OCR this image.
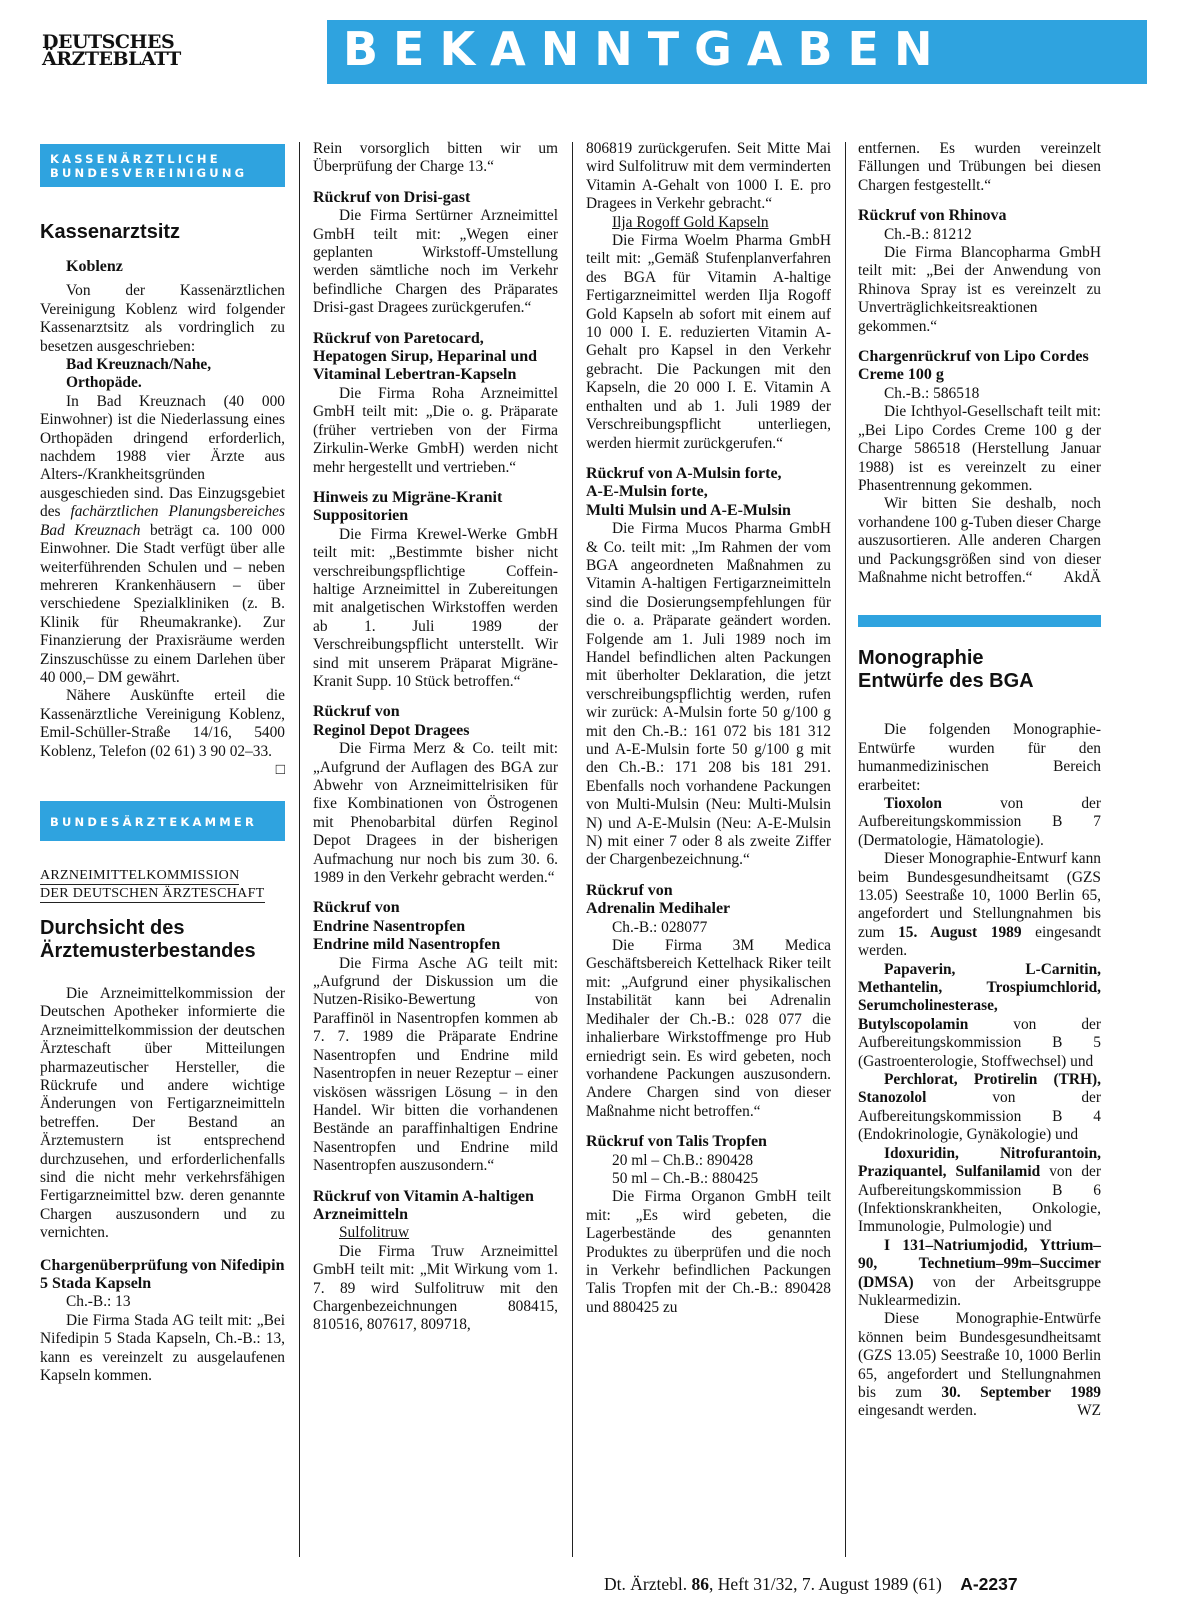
DEUTSCHES
ÄRZTEBLATT	BEKANNTGABEN
KASSENÄRZTLICHE
BUNDESVEREINIGUNG

Kassenarztsitz

Koblenz

Von der Kassenärztlichen Vereinigung Koblenz wird folgender Kassenarztsitz als vordringlich zu besetzen ausgeschrieben:

Bad Kreuznach/Nahe,

Orthopäde.

In Bad Kreuznach (40 000 Einwohner) ist die Niederlassung eines Orthopäden dringend erforderlich, nachdem 1988 vier Ärzte aus Alters-/Krankheitsgründen ausgeschieden sind. Das Einzugsgebiet des fachärztlichen Planungsbereiches Bad Kreuznach beträgt ca. 100 000 Einwohner. Die Stadt verfügt über alle weiterführenden Schulen und – neben mehreren Krankenhäusern – über verschiedene Spezialkliniken (z. B. Klinik für Rheumakranke). Zur Finanzierung der Praxisräume werden Zinszuschüsse zu einem Darlehen über 40 000,– DM gewährt.

Nähere Auskünfte erteil die Kassenärztliche Vereinigung Koblenz, Emil-Schüller-Straße 14/16, 5400 Koblenz, Telefon (02 61) 3 90 02–33.
□

BUNDESÄRZTEKAMMER
ARZNEIMITTELKOMMISSION DER DEUTSCHEN ÄRZTESCHAFT

Durchsicht des Ärztemusterbestandes

Die Arzneimittelkommission der Deutschen Apotheker informierte die Arzneimittelkommission der deutschen Ärzteschaft über Mitteilungen pharmazeutischer Hersteller, die Rückrufe und andere wichtige Änderungen von Fertigarzneimitteln betreffen. Der Bestand an Ärztemustern ist entsprechend durchzusehen, und erforderlichenfalls sind die nicht mehr verkehrsfähigen Fertigarzneimittel bzw. deren genannte Chargen auszusondern und zu vernichten.

Chargenüberprüfung von Nifedipin 5 Stada Kapseln

Ch.-B.: 13

Die Firma Stada AG teilt mit: „Bei Nifedipin 5 Stada Kapseln, Ch.-B.: 13, kann es vereinzelt zu ausgelaufenen Kapseln kommen.

Rein vorsorglich bitten wir um Überprüfung der Charge 13.“

Rückruf von Drisi-gast

Die Firma Sertürner Arzneimittel GmbH teilt mit: „Wegen einer geplanten Wirkstoff-Umstellung werden sämtliche noch im Verkehr befindliche Chargen des Präparates Drisi-gast Dragees zurückgerufen.“

Rückruf von Paretocard, Hepatogen Sirup, Heparinal und Vitaminal Lebertran-Kapseln

Die Firma Roha Arzneimittel GmbH teilt mit: „Die o. g. Präparate (früher vertrieben von der Firma Zirkulin-Werke GmbH) werden nicht mehr hergestellt und vertrieben.“

Hinweis zu Migräne-Kranit Suppositorien

Die Firma Krewel-Werke GmbH teilt mit: „Bestimmte bisher nicht verschreibungspflichtige Coffein-haltige Arzneimittel in Zubereitungen mit analgetischen Wirkstoffen werden ab 1. Juli 1989 der Verschreibungspflicht unterstellt. Wir sind mit unserem Präparat Migräne-Kranit Supp. 10 Stück betroffen.“

Rückruf von

Reginol Depot Dragees

Die Firma Merz & Co. teilt mit: „Aufgrund der Auflagen des BGA zur Abwehr von Arzneimittelrisiken für fixe Kombinationen von Östrogenen mit Phenobarbital dürfen Reginol Depot Dragees in der bisherigen Aufmachung nur noch bis zum 30. 6. 1989 in den Verkehr gebracht werden.“

Rückruf von

Endrine Nasentropfen

Endrine mild Nasentropfen

Die Firma Asche AG teilt mit: „Aufgrund der Diskussion um die Nutzen-Risiko-Bewertung von Paraffinöl in Nasentropfen kommen ab 7. 7. 1989 die Präparate Endrine Nasentropfen und Endrine mild Nasentropfen in neuer Rezeptur – einer viskösen wässrigen Lösung – in den Handel. Wir bitten die vorhandenen Bestände an paraffinhaltigen Endrine Nasentropfen und Endrine mild Nasentropfen auszusondern.“

Rückruf von Vitamin A-haltigen Arzneimitteln

Sulfolitruw

Die Firma Truw Arzneimittel GmbH teilt mit: „Mit Wirkung vom 1. 7. 89 wird Sulfolitruw mit den Chargenbezeichnungen 808415, 810516, 807617, 809718,

806819 zurückgerufen. Seit Mitte Mai wird Sulfolitruw mit dem verminderten Vitamin A-Gehalt von 1000 I. E. pro Dragees in Verkehr gebracht.“

Ilja Rogoff Gold Kapseln

Die Firma Woelm Pharma GmbH teilt mit: „Gemäß Stufenplanverfahren des BGA für Vitamin A-haltige Fertigarzneimittel werden Ilja Rogoff Gold Kapseln ab sofort mit einem auf 10 000 I. E. reduzierten Vitamin A-Gehalt pro Kapsel in den Verkehr gebracht. Die Packungen mit den Kapseln, die 20 000 I. E. Vitamin A enthalten und ab 1. Juli 1989 der Verschreibungspflicht unterliegen, werden hiermit zurückgerufen.“

Rückruf von A-Mulsin forte,

A-E-Mulsin forte,

Multi Mulsin und A-E-Mulsin

Die Firma Mucos Pharma GmbH & Co. teilt mit: „Im Rahmen der vom BGA angeordneten Maßnahmen zu Vitamin A-haltigen Fertigarzneimitteln sind die Dosierungsempfehlungen für die o. a. Präparate geändert worden. Folgende am 1. Juli 1989 noch im Handel befindlichen alten Packungen mit überholter Deklaration, die jetzt verschreibungspflichtig werden, rufen wir zurück: A-Mulsin forte 50 g/100 g mit den Ch.-B.: 161 072 bis 181 312 und A-E-Mulsin forte 50 g/100 g mit den Ch.-B.: 171 208 bis 181 291. Ebenfalls noch vorhandene Packungen von Multi-Mulsin (Neu: Multi-Mulsin N) und A-E-Mulsin (Neu: A-E-Mulsin N) mit einer 7 oder 8 als zweite Ziffer der Chargenbezeichnung.“

Rückruf von

Adrenalin Medihaler

Ch.-B.: 028077

Die Firma 3M Medica Geschäftsbereich Kettelhack Riker teilt mit: „Aufgrund einer physikalischen Instabilität kann bei Adrenalin Medihaler der Ch.-B.: 028 077 die inhalierbare Wirkstoffmenge pro Hub erniedrigt sein. Es wird gebeten, noch vorhandene Packungen auszusondern. Andere Chargen sind von dieser Maßnahme nicht betroffen.“

Rückruf von Talis Tropfen

20 ml – Ch.B.: 890428

50 ml – Ch.-B.: 880425

Die Firma Organon GmbH teilt mit: „Es wird gebeten, die Lagerbestände des genannten Produktes zu überprüfen und die noch in Verkehr befindlichen Packungen Talis Tropfen mit der Ch.-B.: 890428 und 880425 zu

entfernen. Es wurden vereinzelt Fällungen und Trübungen bei diesen Chargen festgestellt.“

Rückruf von Rhinova

Ch.-B.: 81212

Die Firma Blancopharma GmbH teilt mit: „Bei der Anwendung von Rhinova Spray ist es vereinzelt zu Unverträglichkeitsreaktionen gekommen.“

Chargenrückruf von Lipo Cordes Creme 100 g

Ch.-B.: 586518

Die Ichthyol-Gesellschaft teilt mit: „Bei Lipo Cordes Creme 100 g der Charge 586518 (Herstellung Januar 1988) ist es vereinzelt zu einer Phasentrennung gekommen.

Wir bitten Sie deshalb, noch vorhandene 100 g-Tuben dieser Charge auszusortieren. Alle anderen Chargen und Packungsgrößen sind von dieser Maßnahme nicht betroffen.“	AkdÄ

Monographie Entwürfe des BGA

Die folgenden Monographie-Entwürfe wurden für den humanmedizinischen Bereich erarbeitet:

Tioxolon von der Aufbereitungskommission B 7 (Dermatologie, Hämatologie).

Dieser Monographie-Entwurf kann beim Bundesgesundheitsamt (GZS 13.05) Seestraße 10, 1000 Berlin 65, angefordert und Stellungnahmen bis zum 15. August 1989 eingesandt werden.

Papaverin, L-Carnitin, Methantelin, Trospiumchlorid, Serumcholinesterase, Butylscopolamin von der Aufbereitungskommission B 5 (Gastroenterologie, Stoffwechsel) und

Perchlorat, Protirelin (TRH), Stanozolol von der Aufbereitungskommission B 4 (Endokrinologie, Gynäkologie) und

Idoxuridin, Nitrofurantoin, Praziquantel, Sulfanilamid von der Aufbereitungskommission B 6 (Infektionskrankheiten, Onkologie, Immunologie, Pulmologie) und

I 131–Natriumjodid, Yttrium–90, Technetium–99m–Succimer (DMSA) von der Arbeitsgruppe Nuklearmedizin.

Diese Monographie-Entwürfe können beim Bundesgesundheitsamt (GZS 13.05) Seestraße 10, 1000 Berlin 65, angefordert und Stellungnahmen bis zum 30. September 1989 eingesandt werden.	WZ

Dt. Ärztebl. 86, Heft 31/32, 7. August 1989 (61) A-2237
